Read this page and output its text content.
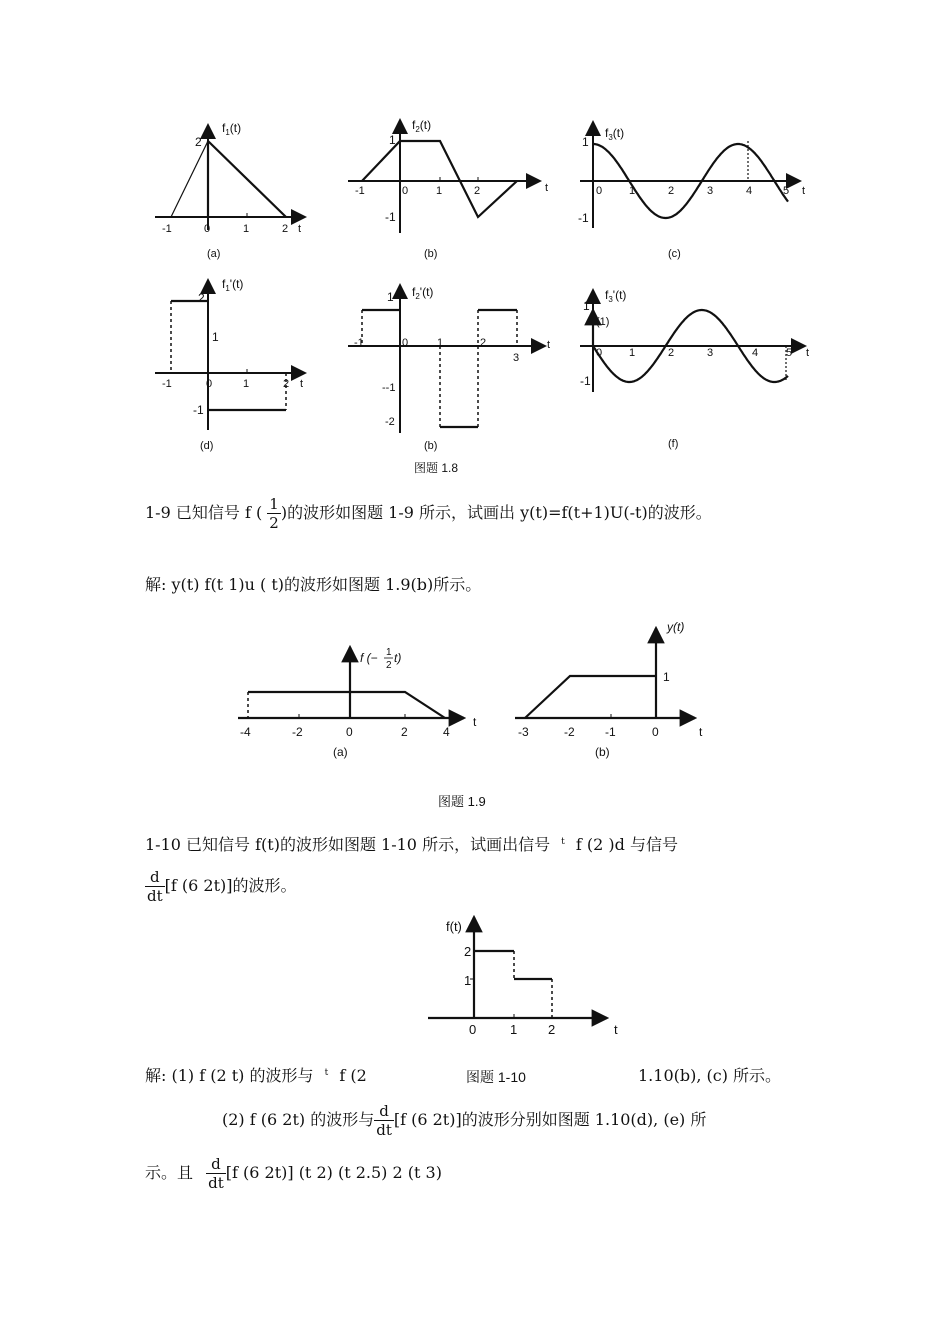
$f_1(t)$
2
-1	0	1	2 t
(a)
$f_2(t)$
1
-1
-1	0	1	2	t
(b)
$f_3(t)$
1
-1
0 1	2	3	4	5 t
(c)
$f_1'(t)$
2
1
-1
-1	0	1	2 t
(d)
$f_2'(t)$
1
--1
-2
-1	0	1	2
3
t
(b)
$f_3'(t)$
1
(1)
-1
0 1	2	3	4	5 t
(f)
图题 1.8
1-9 已知信号 f ( $\frac{1}{2}$ )的波形如图题 1-9 所示，试画出 y(t)=f(t+1)U(-t)的波形。
解: y(t) f(t 1)u ( t)的波形如图题 1.9(b)所示。
f (− 1
2
t)
-4	-2	0	2	4
t
(a)
y(t)
1
-3	-2	-1	0	t
(b)
图题 1.9
1-10 已知信号 f(t)的波形如图题 1-10 所示，试画出信号 $^t$ f (2 )d 与信号
$\frac{d}{dt} [f$ (6 2t)]的波形。
f(t)
2
1
0	1 2	t
图题 1-10
解: (1) f (2 t) 的波形与 $^t$ f (2	1.10(b), (c) 所示。
(2) f (6 2t) 的波形与 $\frac{d}{dt} [f$ (6 2t)]的波形分别如图题 1.10(d), (e) 所
示。且 $\frac{d}{dt} [f$ (6 2t)] (t 2) (t 2.5) 2 (t 3)
